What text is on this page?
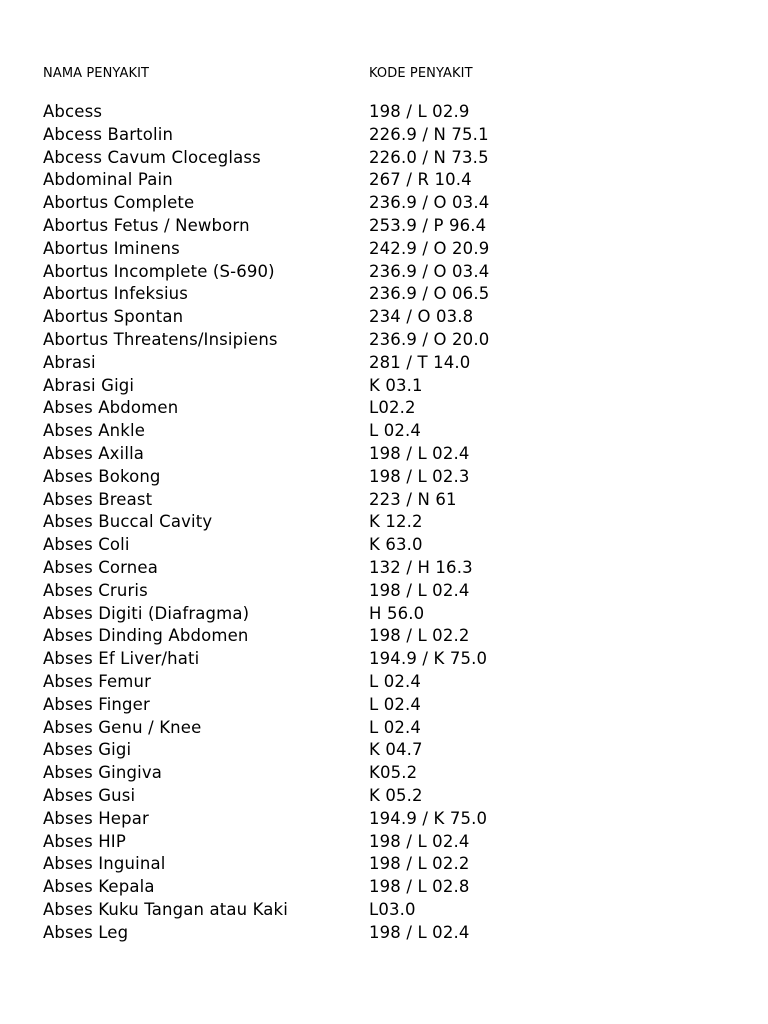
NAMA PENYAKIT	KODE PENYAKIT
Abcess	198 / L 02.9
Abcess Bartolin	226.9 / N 75.1
Abcess Cavum Cloceglass	226.0 / N 73.5
Abdominal Pain	267 / R 10.4
Abortus Complete	236.9 / O 03.4
Abortus Fetus / Newborn	253.9 / P 96.4
Abortus Iminens	242.9 / O 20.9
Abortus Incomplete (S-690)	236.9 / O 03.4
Abortus Infeksius	236.9 / O 06.5
Abortus Spontan	234 / O 03.8
Abortus Threatens/Insipiens	236.9 / O 20.0
Abrasi	281 / T 14.0
Abrasi Gigi	K 03.1
Abses Abdomen	L02.2
Abses Ankle	L 02.4
Abses Axilla	198 / L 02.4
Abses Bokong	198 / L 02.3
Abses Breast	223 / N 61
Abses Buccal Cavity	K 12.2
Abses Coli	K 63.0
Abses Cornea	132 / H 16.3
Abses Cruris	198 / L 02.4
Abses Digiti (Diafragma)	H 56.0
Abses Dinding Abdomen	198 / L 02.2
Abses Ef Liver/hati	194.9 / K 75.0
Abses Femur	L 02.4
Abses Finger	L 02.4
Abses Genu / Knee	L 02.4
Abses Gigi	K 04.7
Abses Gingiva	K05.2
Abses Gusi	K 05.2
Abses Hepar	194.9 / K 75.0
Abses HIP	198 / L 02.4
Abses Inguinal	198 / L 02.2
Abses Kepala	198 / L 02.8
Abses Kuku Tangan atau Kaki	L03.0
Abses Leg	198 / L 02.4
